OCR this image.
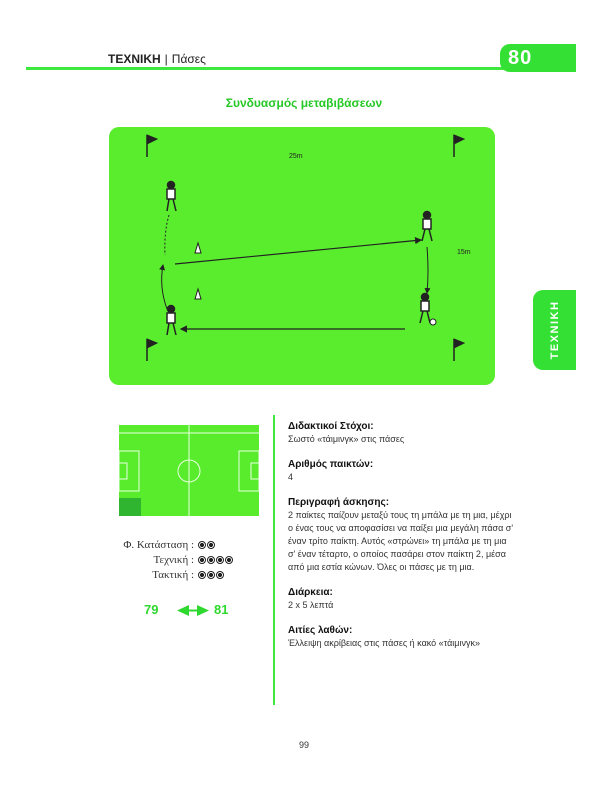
ΤΕΧΝΙΚΗ | Πάσες	80
Συνδυασμός μεταβιβάσεων
25m
15m
ΤΕΧΝΙΚΗ
Φ. Κατάσταση :
Τεχνική :
Τακτική :
79	81
Διδακτικοί Στόχοι:

Σωστό «τάιμινγκ» στις πάσες

Αριθμός παικτών:

4

Περιγραφή άσκησης:

2 παίκτες παίζουν μεταξύ τους τη μπάλα με τη μια, μέχρι ο ένας τους να αποφασίσει να παίξει μια μεγάλη πάσα σ' έναν τρίτο παίκτη. Αυτός «στρώνει» τη μπάλα με τη μια σ' έναν τέταρτο, ο οποίος πασάρει στον παίκτη 2, μέσα από μια εστία κώνων. Όλες οι πάσες με τη μια.

Διάρκεια:

2 x 5 λεπτά

Αιτίες λαθών:

Έλλειψη ακρίβειας στις πάσες ή κακό «τάιμινγκ»

99
